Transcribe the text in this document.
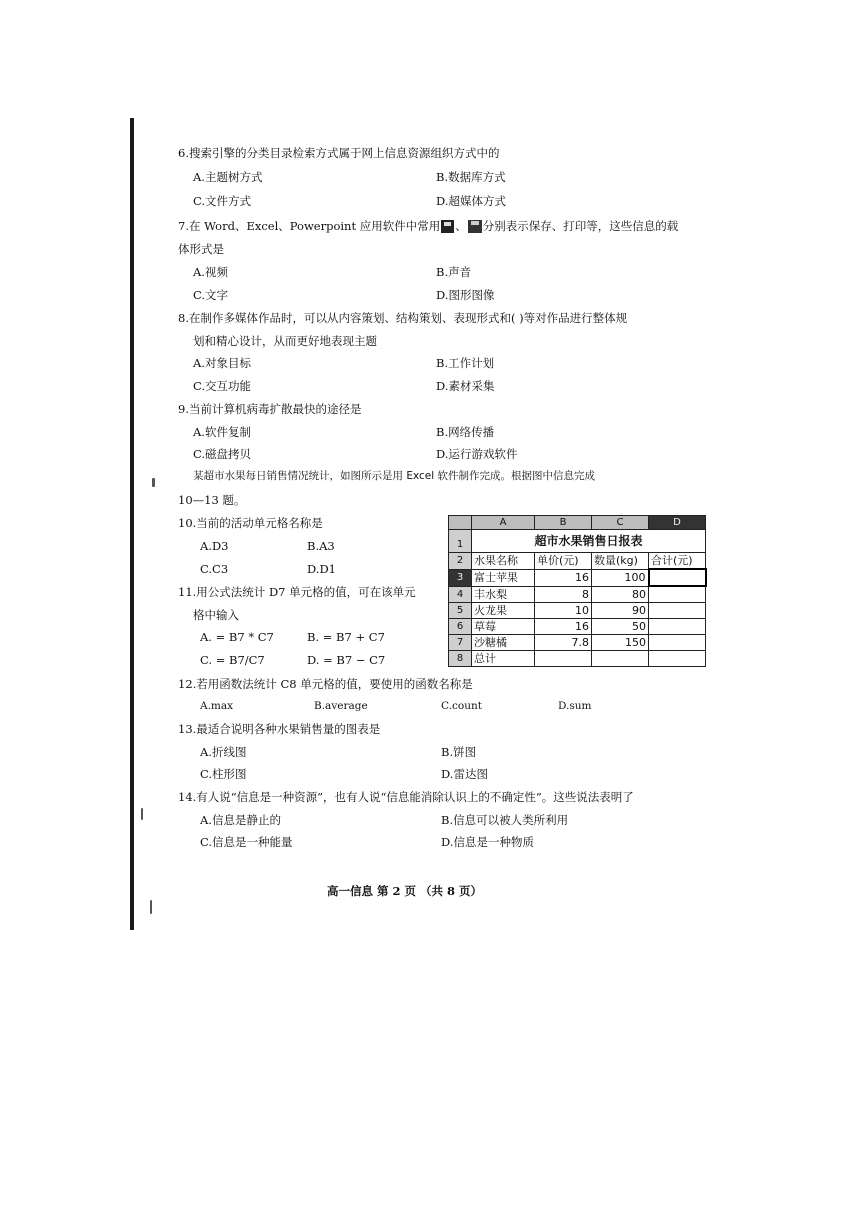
6.搜索引擎的分类目录检索方式属于网上信息资源组织方式中的
A.主题树方式	B.数据库方式
C.文件方式	D.超媒体方式
7.在 Word、Excel、Powerpoint 应用软件中常用 、 分别表示保存、打印等，这些信息的载
体形式是
A.视频	B.声音
C.文字	D.图形图像
8.在制作多媒体作品时，可以从内容策划、结构策划、表现形式和( )等对作品进行整体规
划和精心设计，从而更好地表现主题
A.对象目标	B.工作计划
C.交互功能	D.素材采集
9.当前计算机病毒扩散最快的途径是
A.软件复制	B.网络传播
C.磁盘拷贝	D.运行游戏软件
某超市水果每日销售情况统计，如图所示是用 Excel 软件制作完成。根据图中信息完成
10—13 题。
10.当前的活动单元格名称是
A.D3	B.A3
C.C3	D.D1
11.用公式法统计 D7 单元格的值，可在该单元
格中输入
A. = B7 * C7	B. = B7 + C7
C. = B7/C7	D. = B7 − C7
	A	B	C	D
1	超市水果销售日报表			
2	水果名称	单价(元)	数量(kg)	合计(元)
3	富士苹果	16	100	
4	丰水梨	8	80	
5	火龙果	10	90	
6	草莓	16	50	
7	沙糖橘	7.8	150	
8	总计			
12.若用函数法统计 C8 单元格的值，要使用的函数名称是
A.max	B.average	C.count	D.sum
13.最适合说明各种水果销售量的图表是
A.折线图	B.饼图
C.柱形图	D.雷达图
14.有人说“信息是一种资源”，也有人说“信息能消除认识上的不确定性”。这些说法表明了
A.信息是静止的	B.信息可以被人类所利用
C.信息是一种能量	D.信息是一种物质
高一信息 第 2 页 （共 8 页）
